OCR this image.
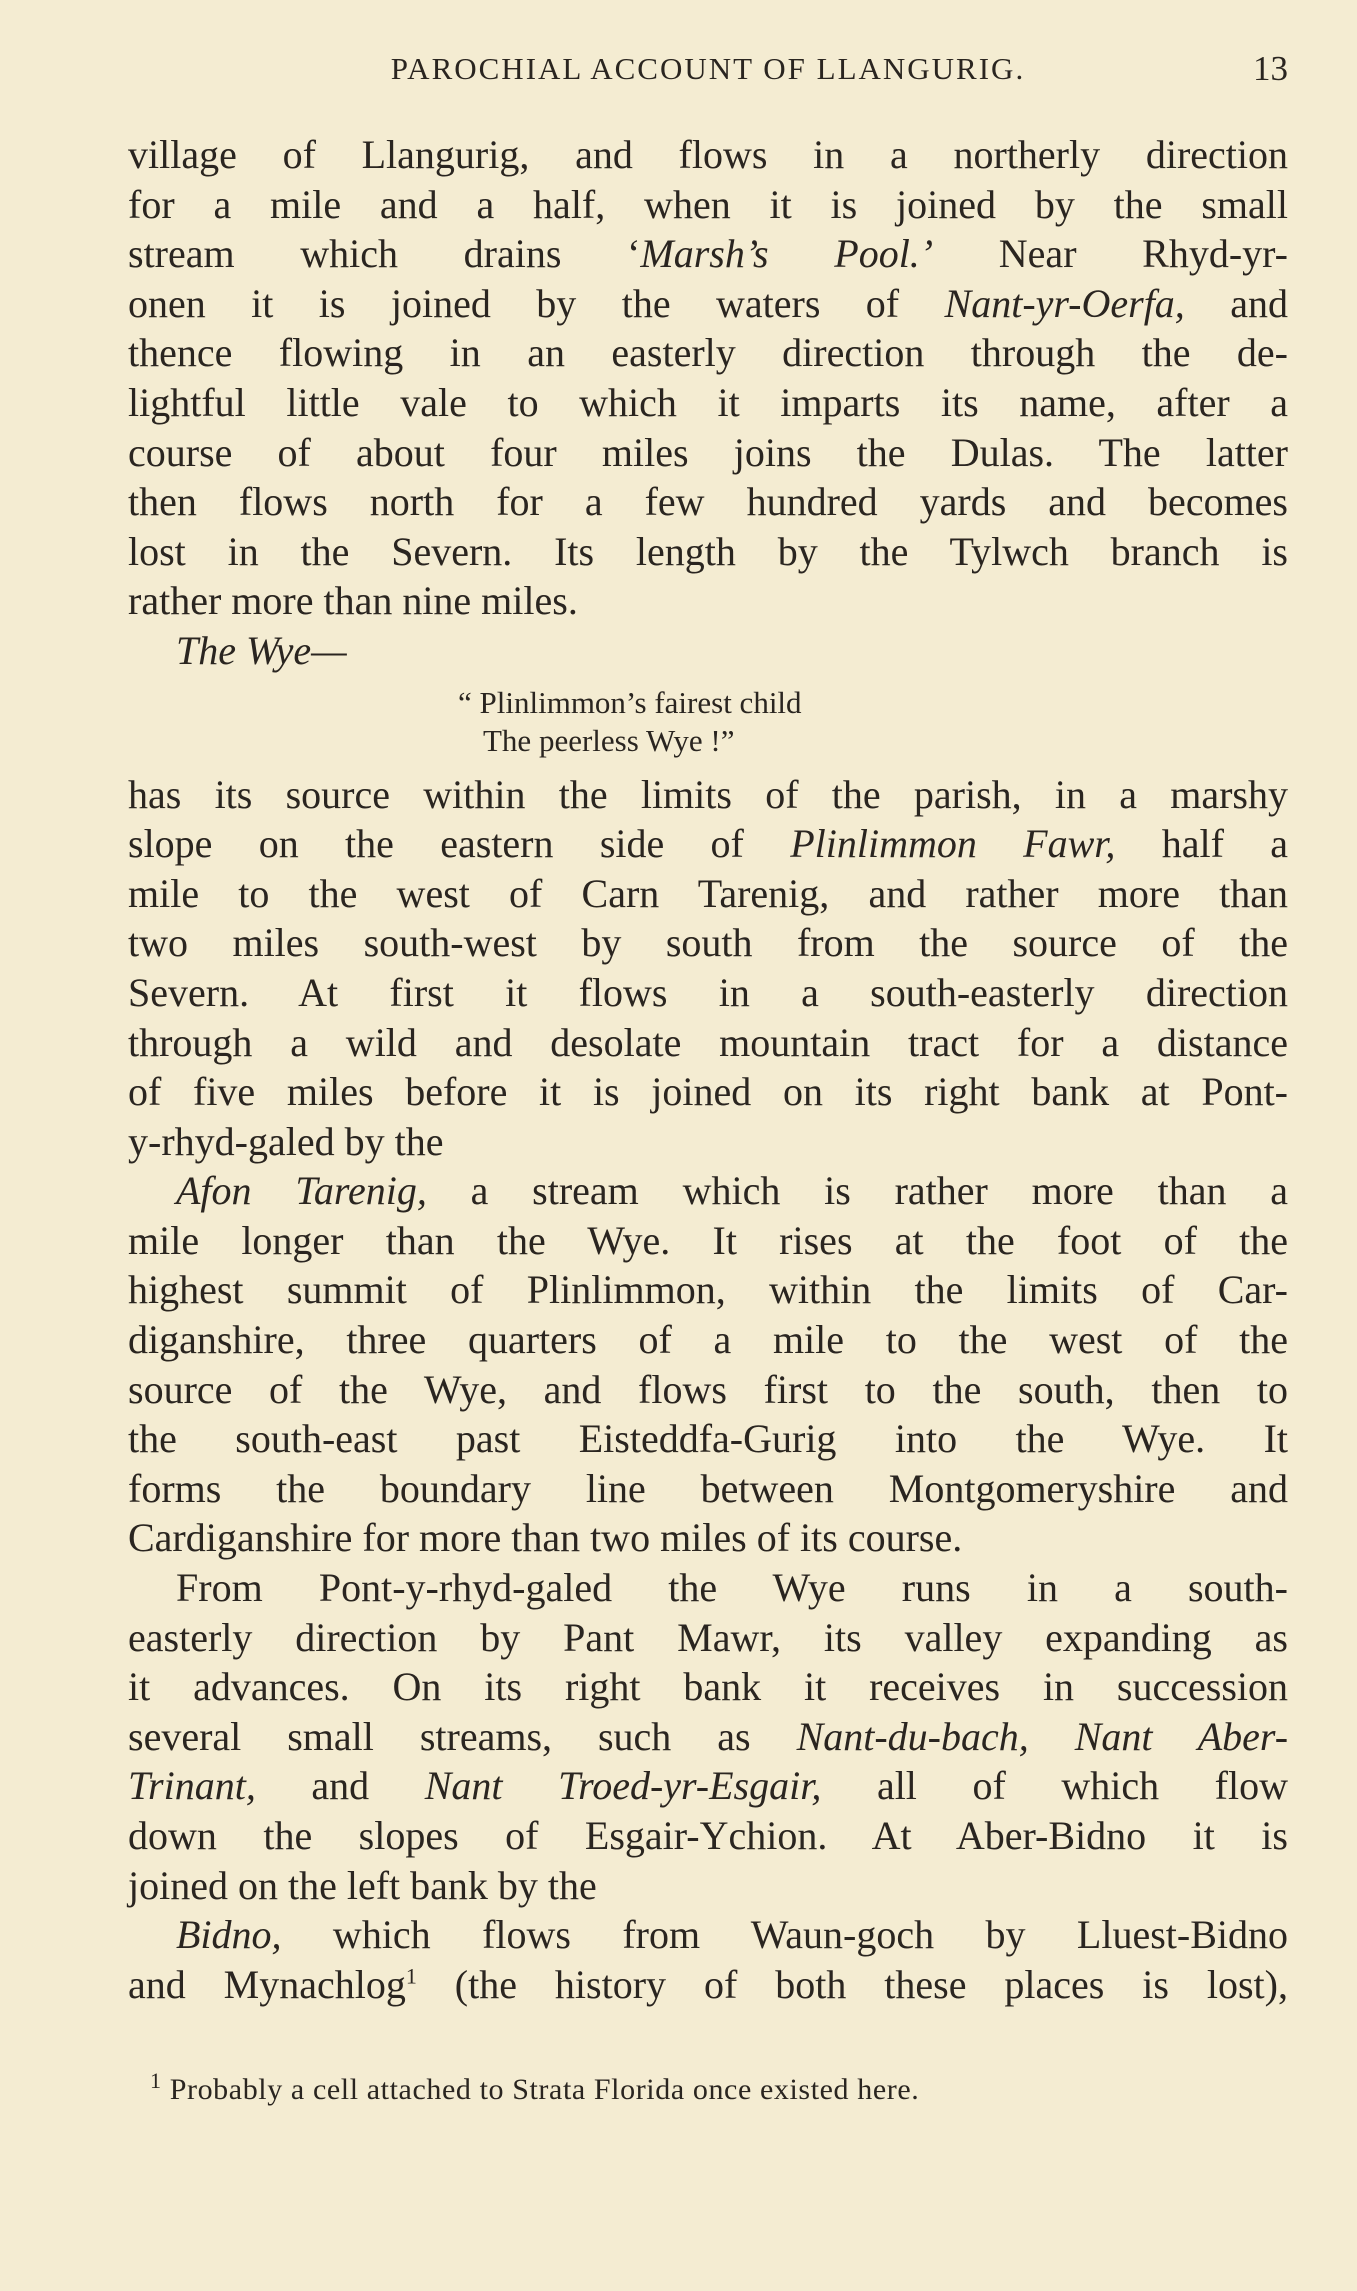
PAROCHIAL ACCOUNT OF LLANGURIG.	13
village of Llangurig, and flows in a northerly direction
for a mile and a half, when it is joined by the small
stream which drains ‘Marsh’s Pool.’ Near Rhyd-yr-
onen it is joined by the waters of Nant-yr-Oerfa, and
thence flowing in an easterly direction through the de-
lightful little vale to which it imparts its name, after a
course of about four miles joins the Dulas. The latter
then flows north for a few hundred yards and becomes
lost in the Severn. Its length by the Tylwch branch is
rather more than nine miles.
The Wye—
“ Plinlimmon’s fairest child
The peerless Wye !”
has its source within the limits of the parish, in a marshy
slope on the eastern side of Plinlimmon Fawr, half a
mile to the west of Carn Tarenig, and rather more than
two miles south-west by south from the source of the
Severn. At first it flows in a south-easterly direction
through a wild and desolate mountain tract for a distance
of five miles before it is joined on its right bank at Pont-
y-rhyd-galed by the
Afon Tarenig, a stream which is rather more than a
mile longer than the Wye. It rises at the foot of the
highest summit of Plinlimmon, within the limits of Car-
diganshire, three quarters of a mile to the west of the
source of the Wye, and flows first to the south, then to
the south-east past Eisteddfa-Gurig into the Wye. It
forms the boundary line between Montgomeryshire and
Cardiganshire for more than two miles of its course.
From Pont-y-rhyd-galed the Wye runs in a south-
easterly direction by Pant Mawr, its valley expanding as
it advances. On its right bank it receives in succession
several small streams, such as Nant-du-bach, Nant Aber-
Trinant, and Nant Troed-yr-Esgair, all of which flow
down the slopes of Esgair-Ychion. At Aber-Bidno it is
joined on the left bank by the
Bidno, which flows from Waun-goch by Lluest-Bidno
and Mynachlog$^1$ (the history of both these places is lost),
$^1$ Probably a cell attached to Strata Florida once existed here.
